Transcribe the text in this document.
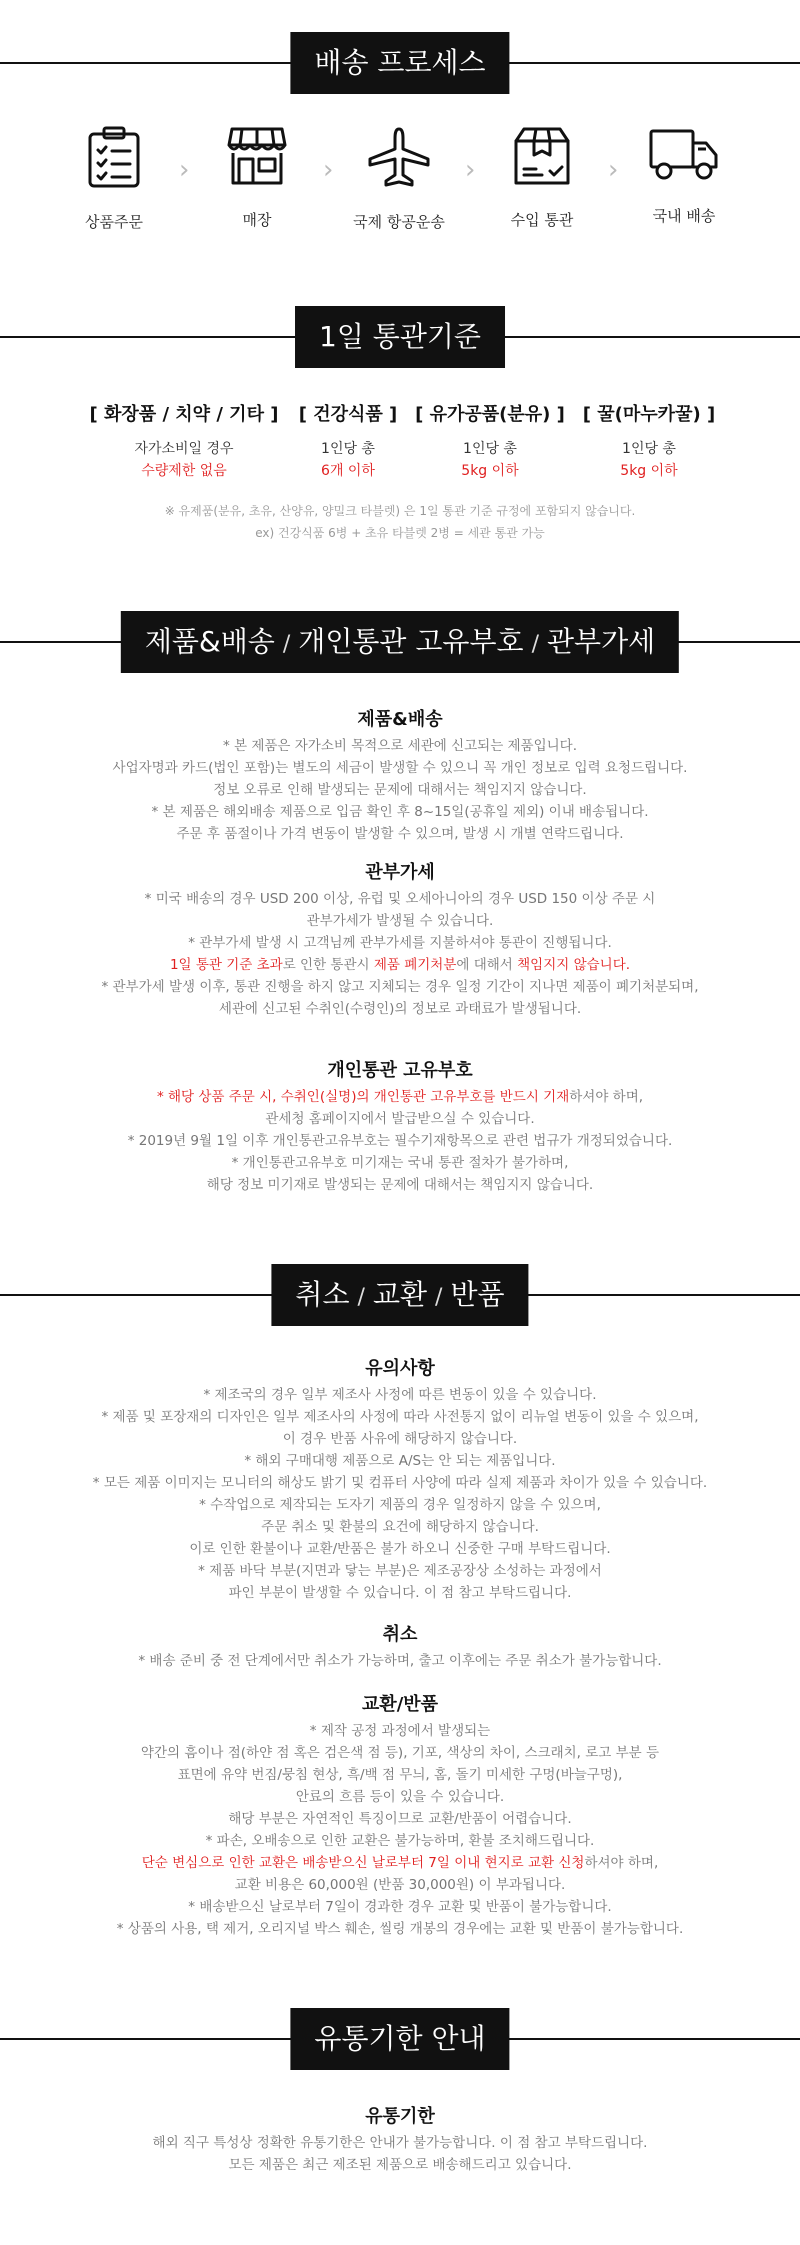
배송 프로세스
상품주문
›
매장
›
국제 항공운송
›
수입 통관
›
국내 배송
1일 통관기준
[ 화장품 / 치약 / 기타 ]
자가소비일 경우
수량제한 없음
[ 건강식품 ]
1인당 총
6개 이하
[ 유가공품(분유) ]
1인당 총
5kg 이하
[ 꿀(마누카꿀) ]
1인당 총
5kg 이하
※ 유제품(분유, 초유, 산양유, 양밀크 타블렛) 은 1일 통관 기준 규정에 포함되지 않습니다.
ex) 건강식품 6병 + 초유 타블렛 2병 = 세관 통관 가능
제품&배송 / 개인통관 고유부호 / 관부가세
제품&배송

* 본 제품은 자가소비 목적으로 세관에 신고되는 제품입니다.

사업자명과 카드(법인 포함)는 별도의 세금이 발생할 수 있으니 꼭 개인 정보로 입력 요청드립니다.

정보 오류로 인해 발생되는 문제에 대해서는 책임지지 않습니다.

* 본 제품은 해외배송 제품으로 입금 확인 후 8~15일(공휴일 제외) 이내 배송됩니다.

주문 후 품절이나 가격 변동이 발생할 수 있으며, 발생 시 개별 연락드립니다.

관부가세

* 미국 배송의 경우 USD 200 이상, 유럽 및 오세아니아의 경우 USD 150 이상 주문 시

관부가세가 발생될 수 있습니다.

* 관부가세 발생 시 고객님께 관부가세를 지불하셔야 통관이 진행됩니다.

1일 통관 기준 초과로 인한 통관시 제품 폐기처분에 대해서 책임지지 않습니다.

* 관부가세 발생 이후, 통관 진행을 하지 않고 지체되는 경우 일정 기간이 지나면 제품이 폐기처분되며,

세관에 신고된 수취인(수령인)의 정보로 과태료가 발생됩니다.

개인통관 고유부호

* 해당 상품 주문 시, 수취인(실명)의 개인통관 고유부호를 반드시 기재하셔야 하며,

관세청 홈페이지에서 발급받으실 수 있습니다.

* 2019년 9월 1일 이후 개인통관고유부호는 필수기재항목으로 관련 법규가 개정되었습니다.

* 개인통관고유부호 미기재는 국내 통관 절차가 불가하며,

해당 정보 미기재로 발생되는 문제에 대해서는 책임지지 않습니다.

취소 / 교환 / 반품
유의사항

* 제조국의 경우 일부 제조사 사정에 따른 변동이 있을 수 있습니다.

* 제품 및 포장재의 디자인은 일부 제조사의 사정에 따라 사전통지 없이 리뉴얼 변동이 있을 수 있으며,

이 경우 반품 사유에 해당하지 않습니다.

* 해외 구매대행 제품으로 A/S는 안 되는 제품입니다.

* 모든 제품 이미지는 모니터의 해상도 밝기 및 컴퓨터 사양에 따라 실제 제품과 차이가 있을 수 있습니다.

* 수작업으로 제작되는 도자기 제품의 경우 일정하지 않을 수 있으며,

주문 취소 및 환불의 요건에 해당하지 않습니다.

이로 인한 환불이나 교환/반품은 불가 하오니 신중한 구매 부탁드립니다.

* 제품 바닥 부분(지면과 닿는 부분)은 제조공장상 소성하는 과정에서

파인 부분이 발생할 수 있습니다. 이 점 참고 부탁드립니다.

취소

* 배송 준비 중 전 단계에서만 취소가 가능하며, 출고 이후에는 주문 취소가 불가능합니다.

교환/반품

* 제작 공정 과정에서 발생되는

약간의 흠이나 점(하얀 점 혹은 검은색 점 등), 기포, 색상의 차이, 스크래치, 로고 부분 등

표면에 유약 번짐/뭉침 현상, 흑/백 점 무늬, 홈, 돌기 미세한 구멍(바늘구멍),

안료의 흐름 등이 있을 수 있습니다.

해당 부분은 자연적인 특징이므로 교환/반품이 어렵습니다.

* 파손, 오배송으로 인한 교환은 불가능하며, 환불 조치해드립니다.

단순 변심으로 인한 교환은 배송받으신 날로부터 7일 이내 현지로 교환 신청하셔야 하며,

교환 비용은 60,000원 (반품 30,000원) 이 부과됩니다.

* 배송받으신 날로부터 7일이 경과한 경우 교환 및 반품이 불가능합니다.

* 상품의 사용, 택 제거, 오리지널 박스 훼손, 씰링 개봉의 경우에는 교환 및 반품이 불가능합니다.

유통기한 안내
유통기한

해외 직구 특성상 정확한 유통기한은 안내가 불가능합니다. 이 점 참고 부탁드립니다.

모든 제품은 최근 제조된 제품으로 배송해드리고 있습니다.
